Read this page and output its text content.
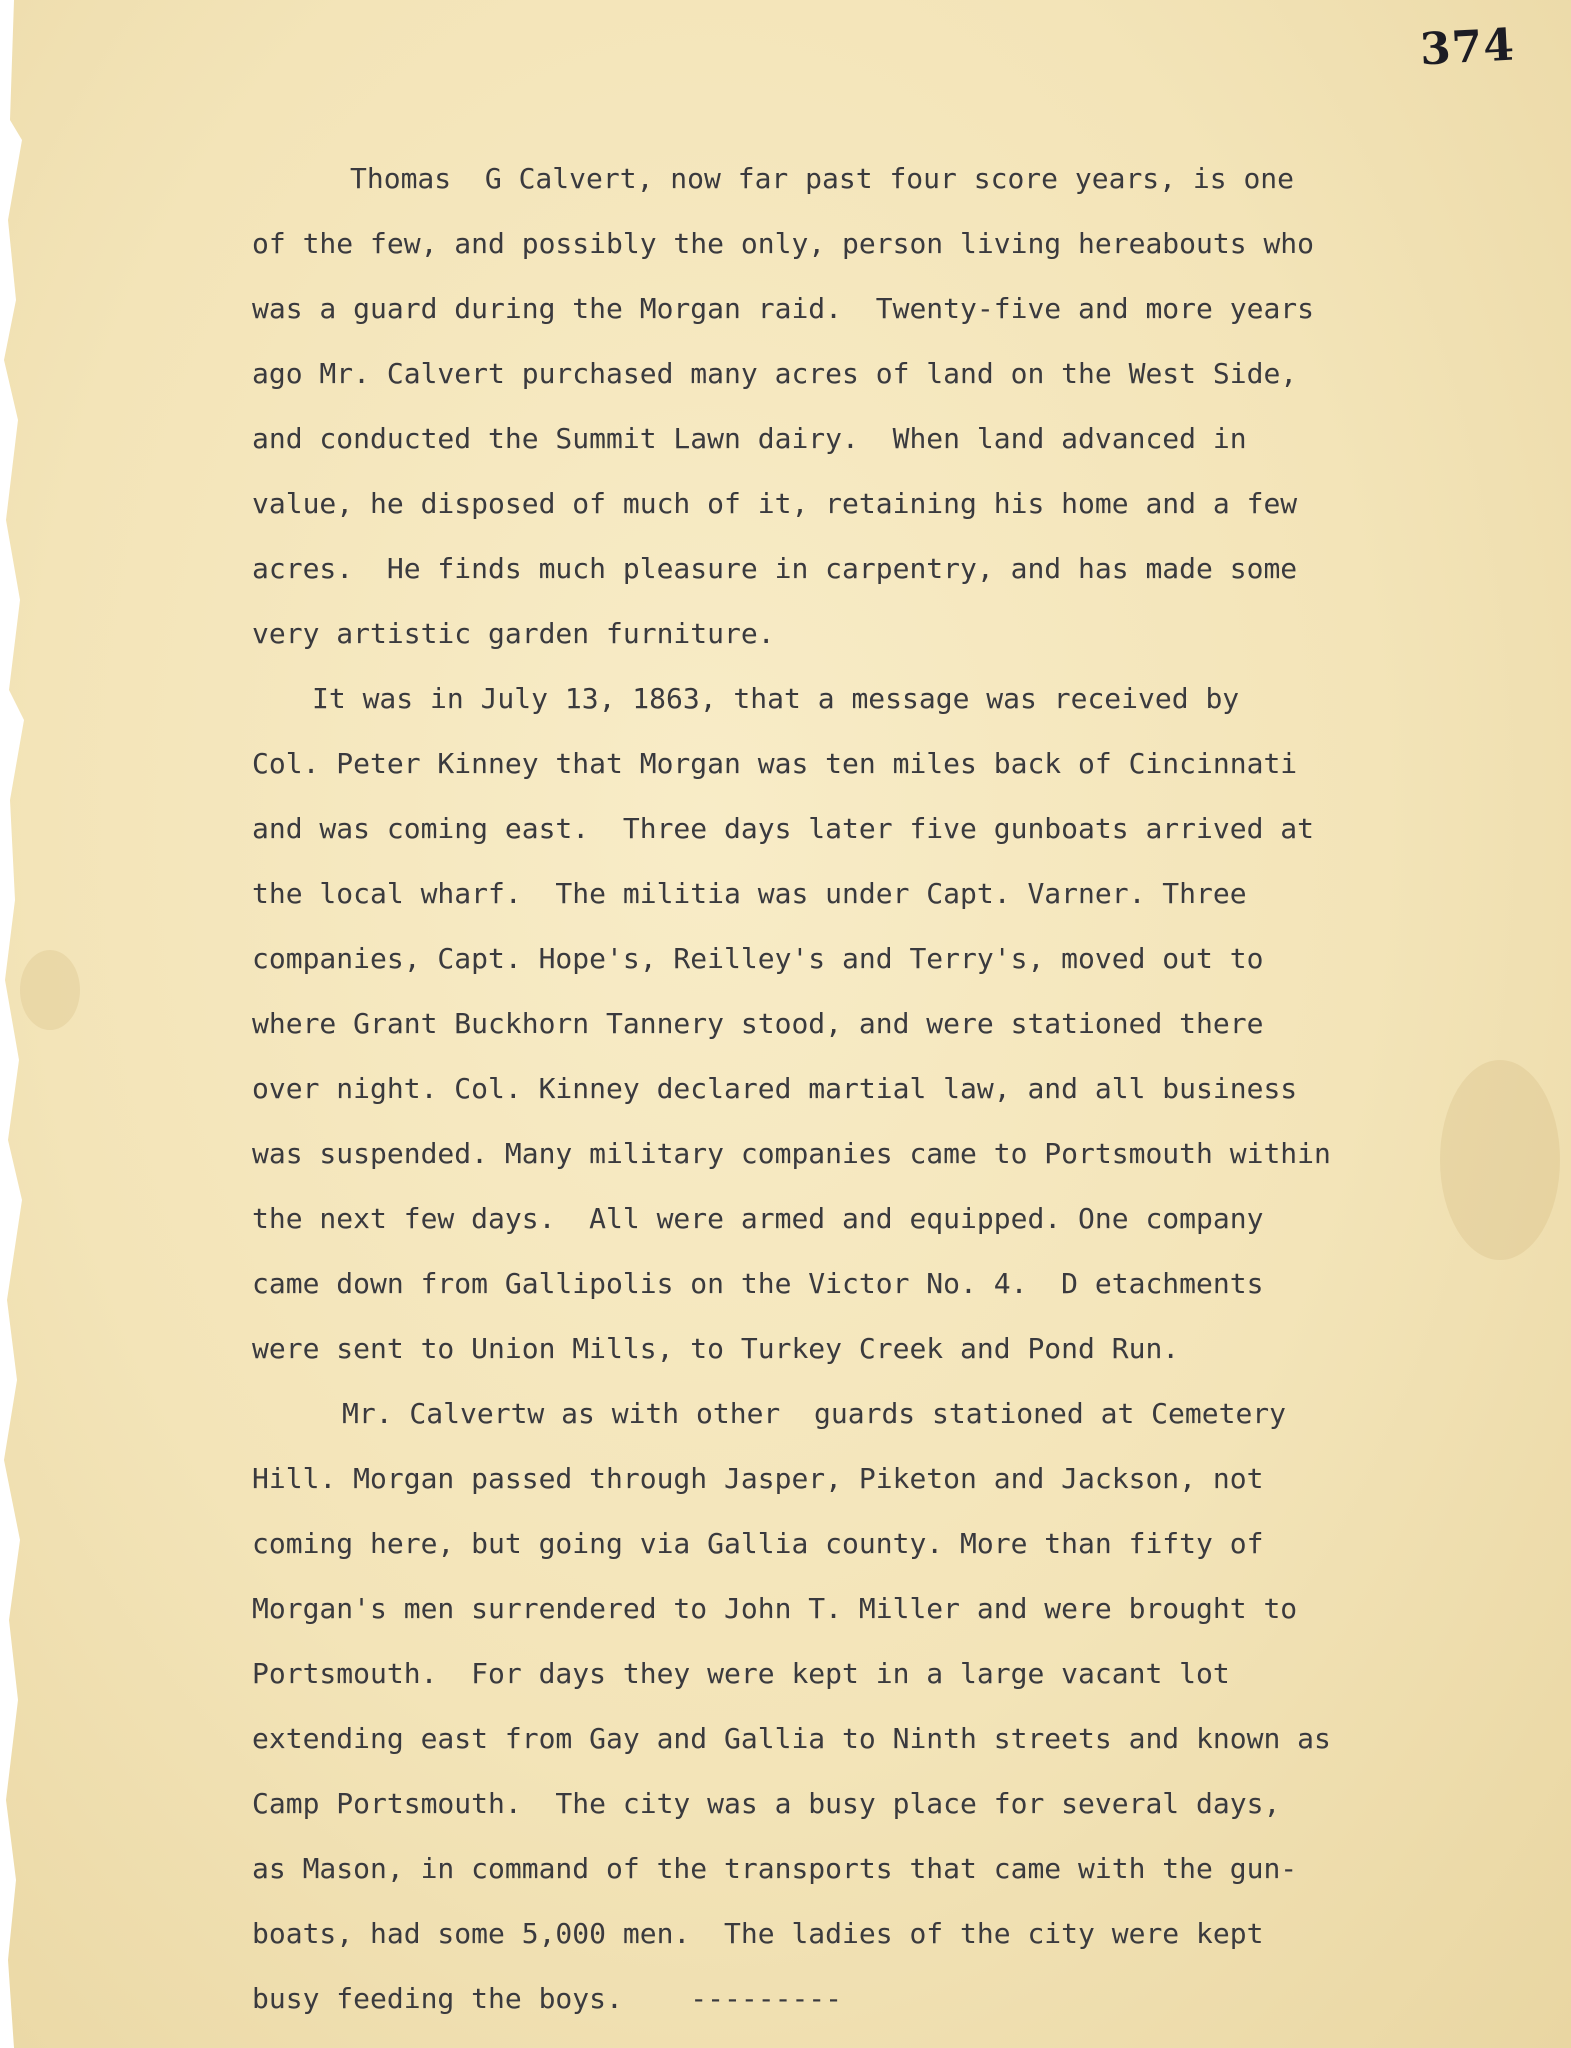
374
Thomas  G Calvert, now far past four score years, is one
of the few, and possibly the only, person living hereabouts who
was a guard during the Morgan raid.  Twenty-five and more years
ago Mr. Calvert purchased many acres of land on the West Side,
and conducted the Summit Lawn dairy.  When land advanced in
value, he disposed of much of it, retaining his home and a few
acres.  He finds much pleasure in carpentry, and has made some
very artistic garden furniture.
It was in July 13, 1863, that a message was received by
Col. Peter Kinney that Morgan was ten miles back of Cincinnati
and was coming east.  Three days later five gunboats arrived at
the local wharf.  The militia was under Capt. Varner. Three
companies, Capt. Hope's, Reilley's and Terry's, moved out to
where Grant Buckhorn Tannery stood, and were stationed there
over night. Col. Kinney declared martial law, and all business
was suspended. Many military companies came to Portsmouth within
the next few days.  All were armed and equipped. One company
came down from Gallipolis on the Victor No. 4.  D etachments
were sent to Union Mills, to Turkey Creek and Pond Run.
Mr. Calvertw as with other  guards stationed at Cemetery
Hill. Morgan passed through Jasper, Piketon and Jackson, not
coming here, but going via Gallia county. More than fifty of
Morgan's men surrendered to John T. Miller and were brought to
Portsmouth.  For days they were kept in a large vacant lot
extending east from Gay and Gallia to Ninth streets and known as
Camp Portsmouth.  The city was a busy place for several days,
as Mason, in command of the transports that came with the gun-
boats, had some 5,000 men.  The ladies of the city were kept
busy feeding the boys.    ---------
